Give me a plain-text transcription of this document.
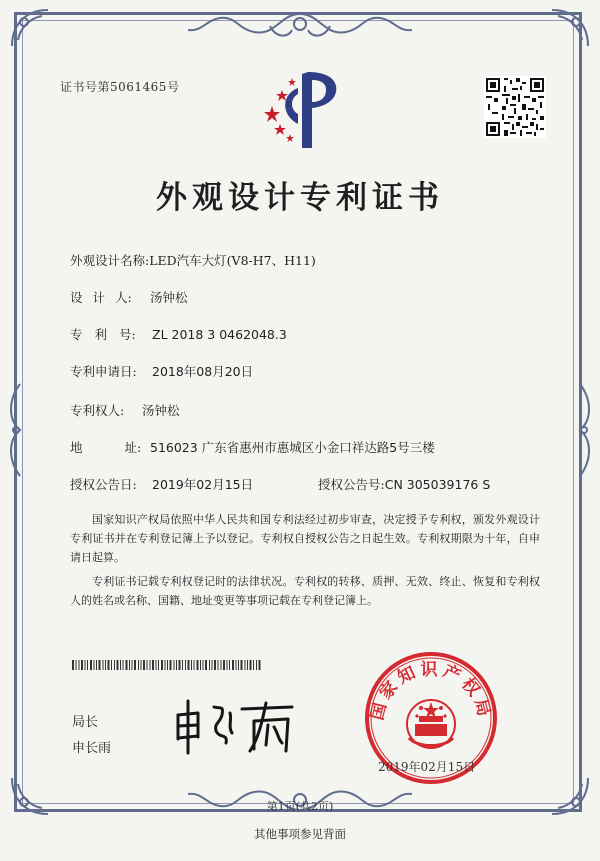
证书号第5061465号
外观设计专利证书
外观设计名称:LED汽车大灯(V8-H7、H11)
设 计 人: 汤钟松
专 利 号: ZL 2018 3 0462048.3
专利申请日: 2018年08月20日
专利权人: 汤钟松
地 址: 516023 广东省惠州市惠城区小金口祥达路5号三楼
授权公告日: 2019年02月15日	授权公告号:CN 305039176 S
国家知识产权局依照中华人民共和国专利法经过初步审查，决定授予专利权，颁发外观设计专利证书并在专利登记簿上予以登记。专利权自授权公告之日起生效。专利权期限为十年，自申请日起算。
专利证书记载专利权登记时的法律状况。专利权的转移、质押、无效、终止、恢复和专利权人的姓名或名称、国籍、地址变更等事项记载在专利登记簿上。
局长
申长雨
国家知识产权局
2019年02月15日
第1页(共2页)
其他事项参见背面
